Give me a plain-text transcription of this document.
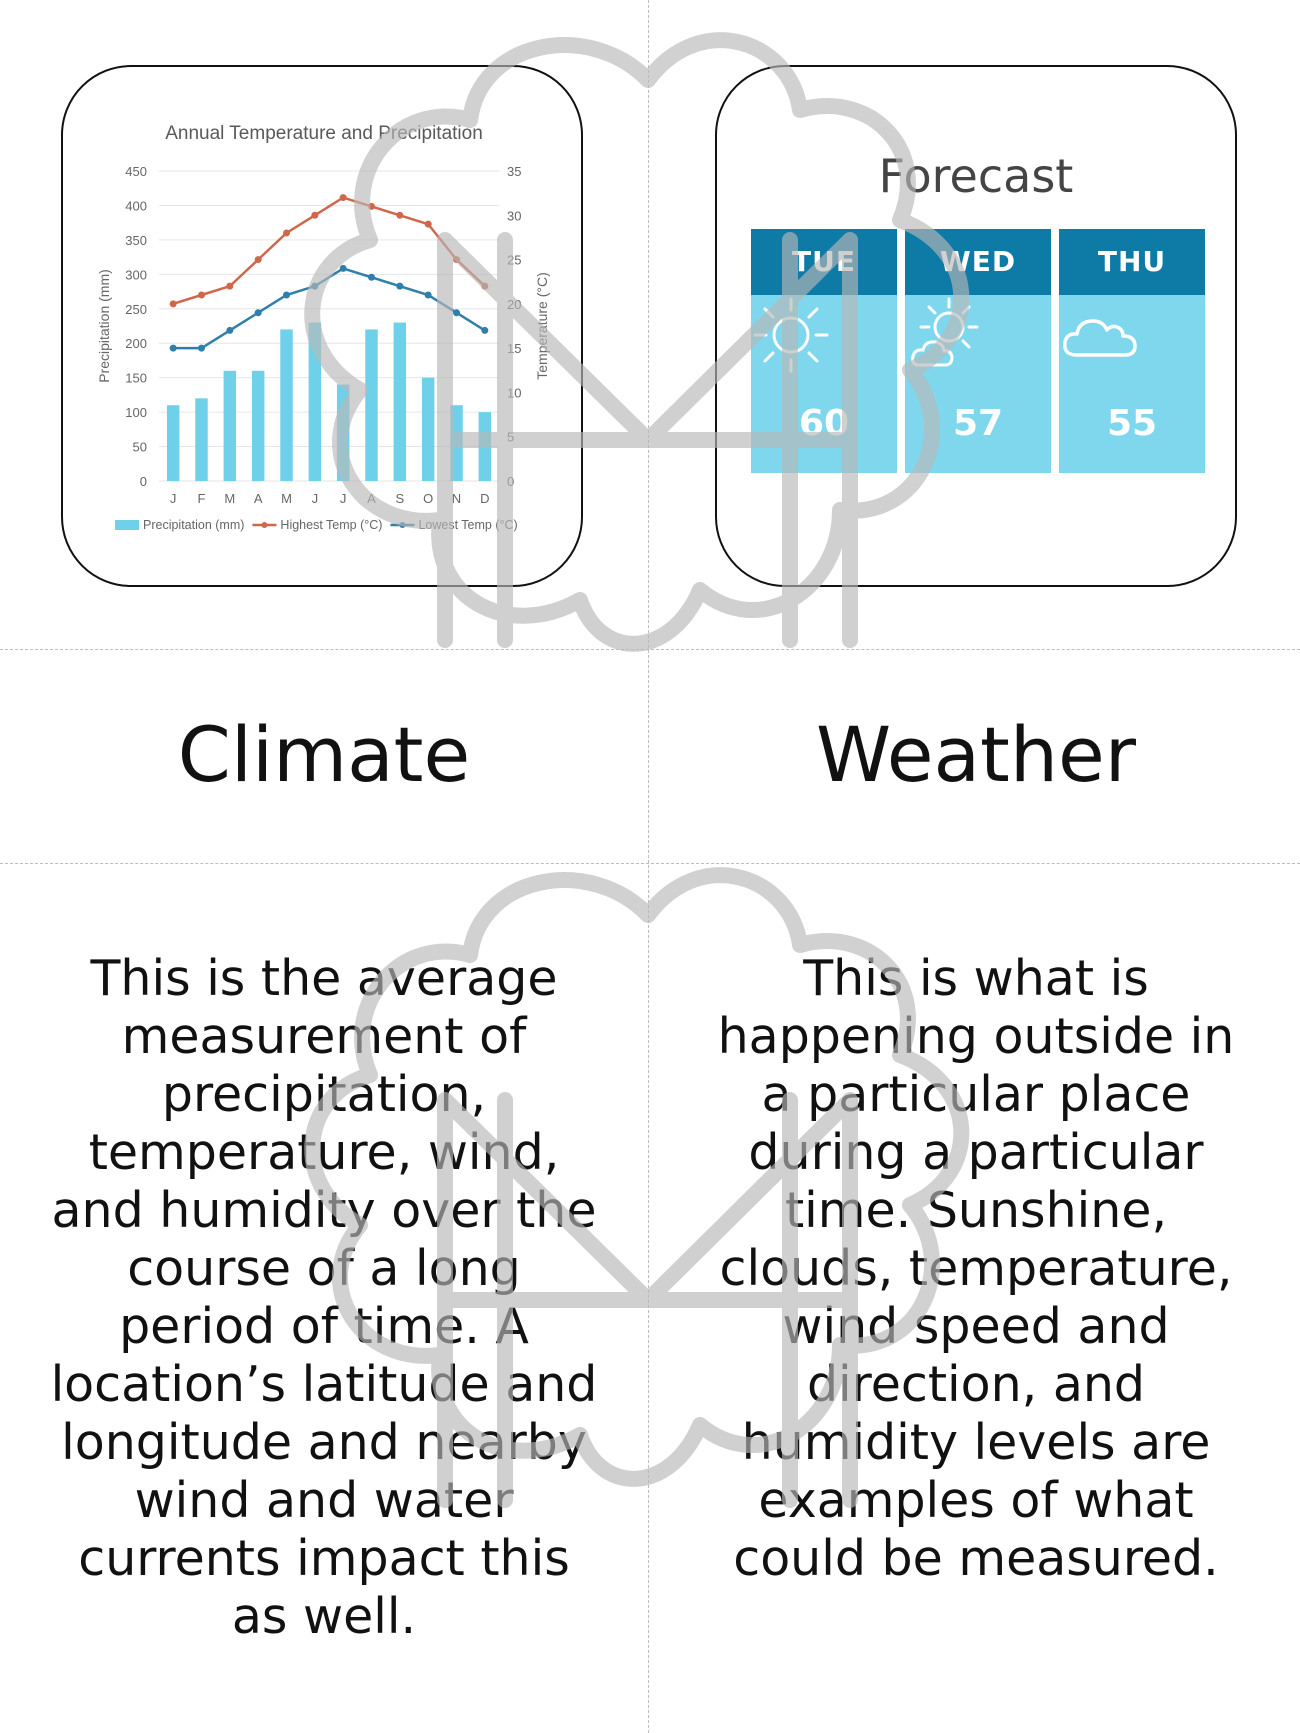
Annual Temperature and Precipitation
0
50
100
150
200
250
300
350
400
450
0
5
10
15
20
25
30
35
J F M A M J J A S O N D
Precipitation (mm)	Temperature (°C)
Precipitation (mm)	Highest Temp (°C)	Lowest Temp (°C)
Forecast
TUE
60
WED
57
THU
55
Climate	Weather
This is the average measurement of precipitation, temperature, wind, and humidity over the course of a long period of time. A location’s latitude and longitude and nearby wind and water currents impact this as well.
This is what is happening outside in a particular place during a particular time. Sunshine, clouds, temperature, wind speed and direction, and humidity levels are examples of what could be measured.
